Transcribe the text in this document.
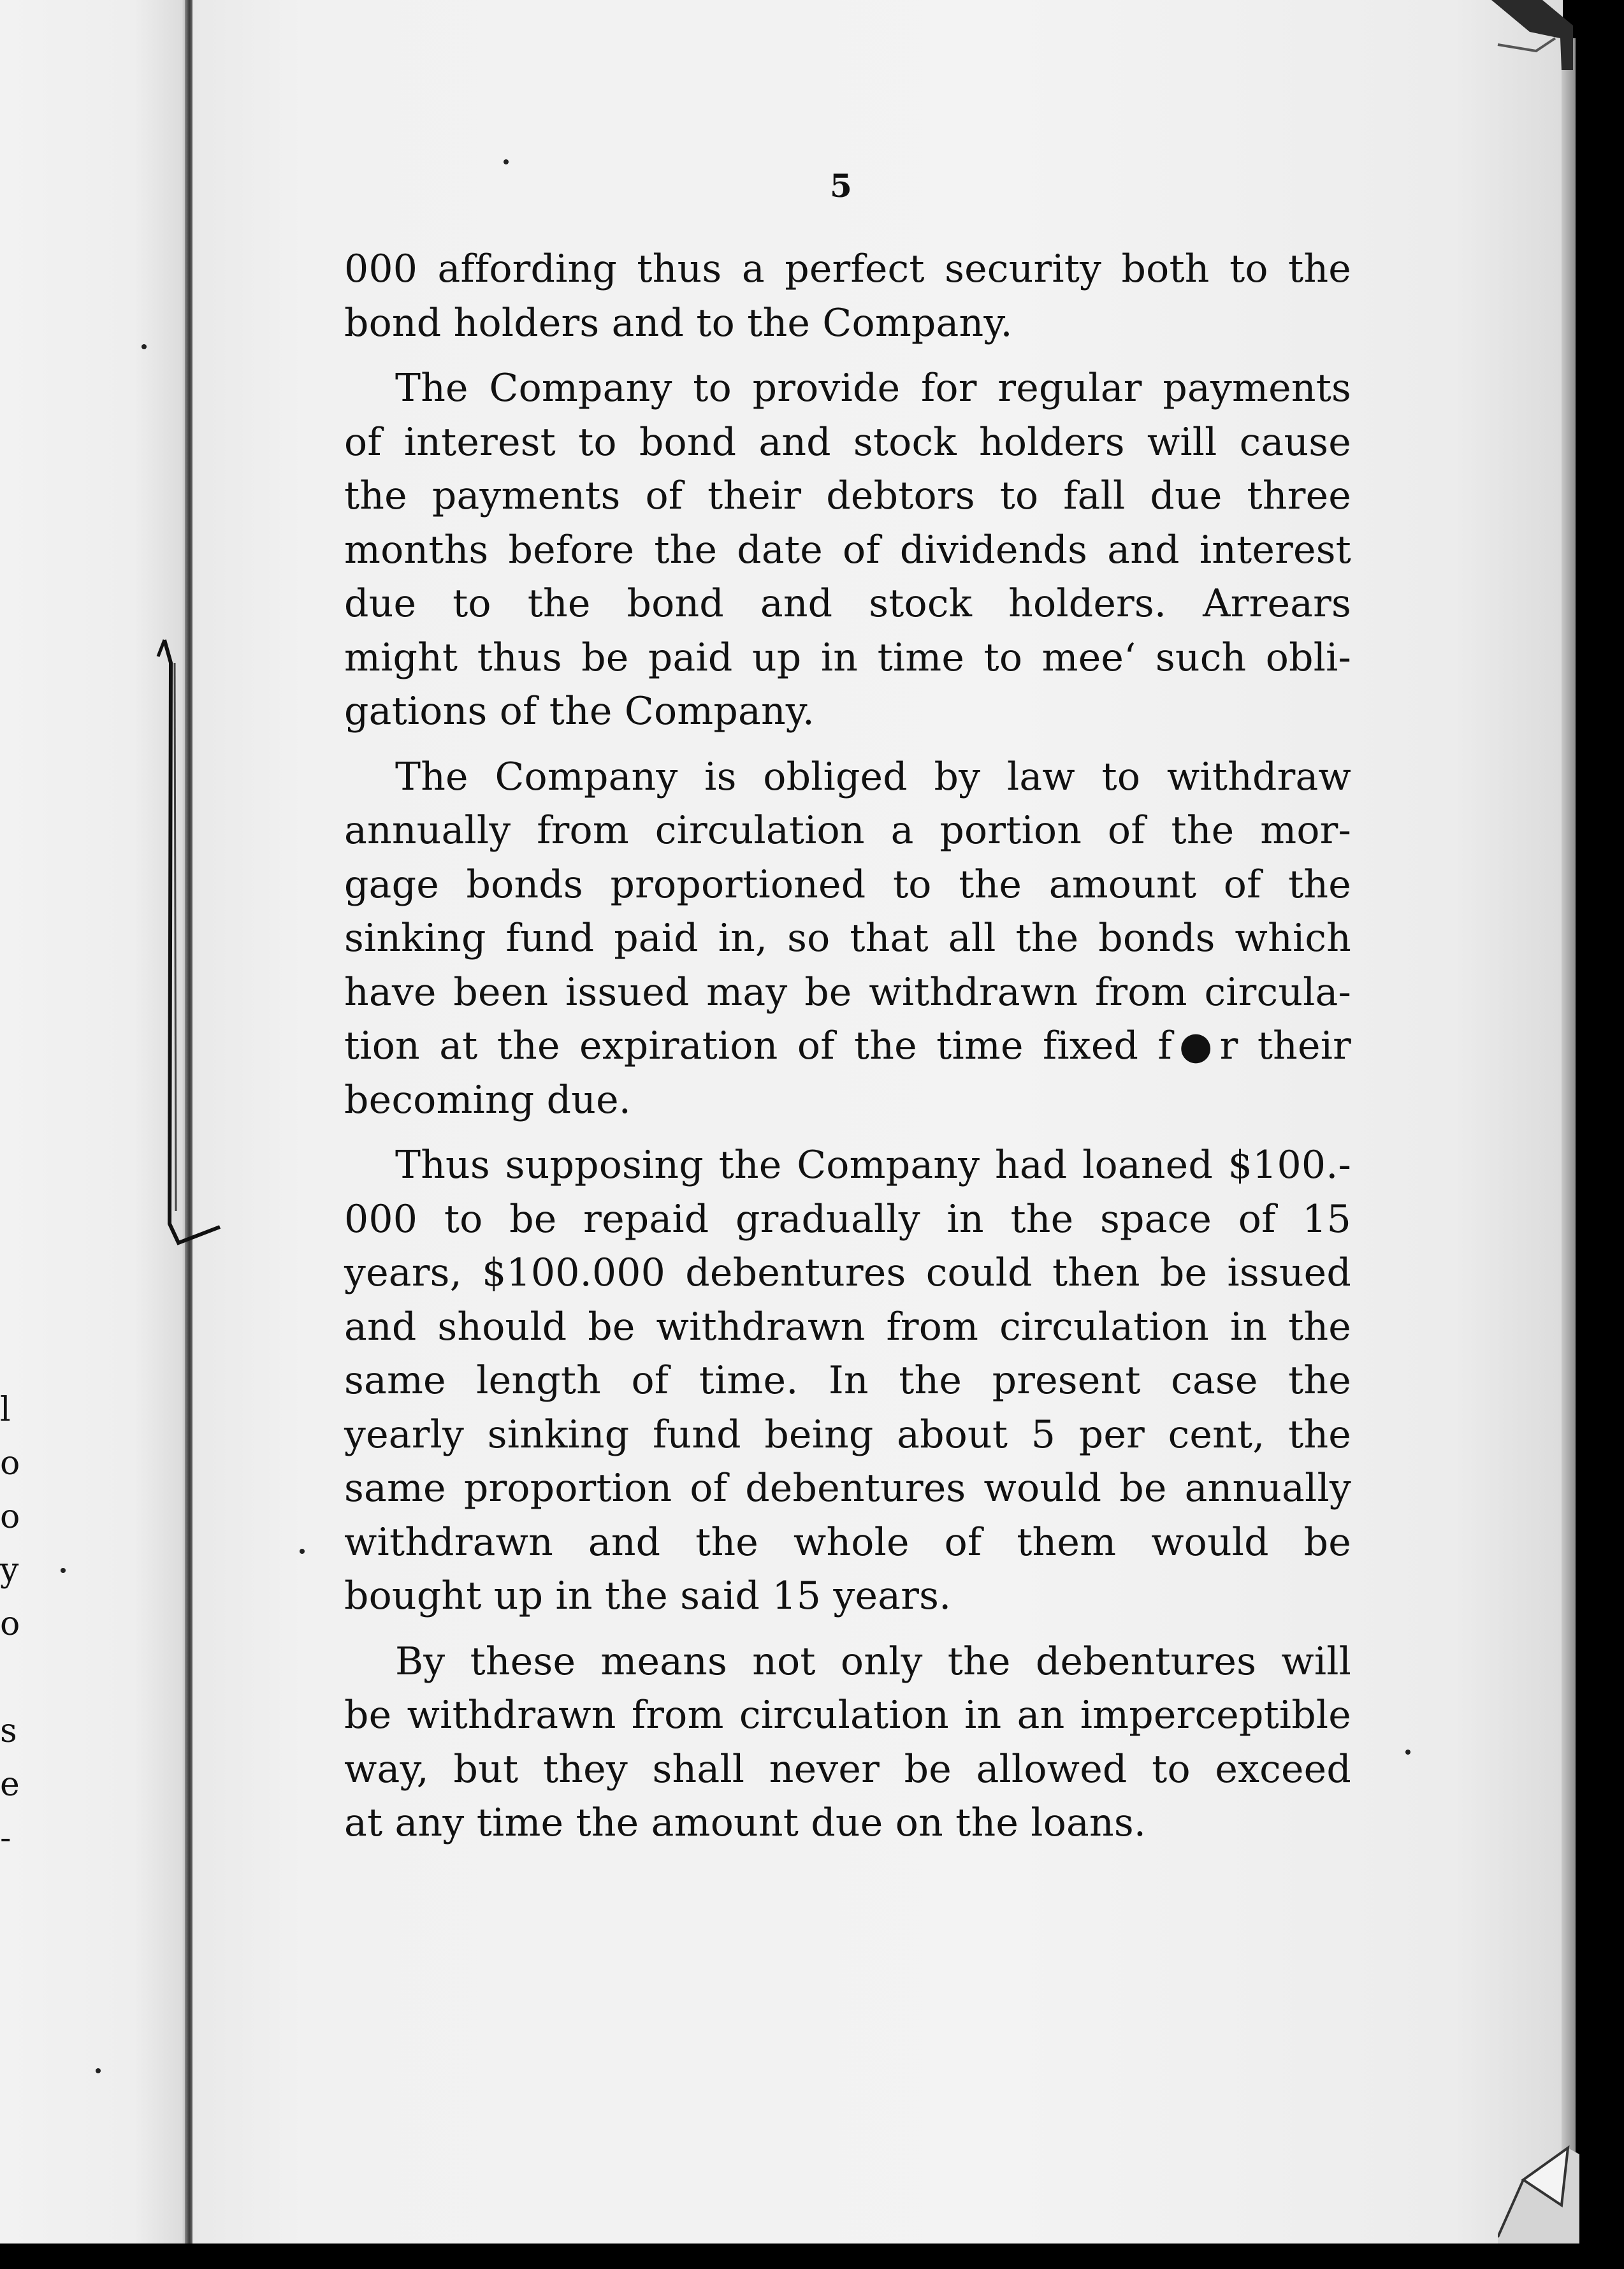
l
o
o
y
o
s
e
-
5
000 affording thus a perfect security both to the
bond holders and to the Company.
The Company to provide for regular payments
of interest to bond and stock holders will cause
the payments of their debtors to fall due three
months before the date of dividends and interest
due to the bond and stock holders. Arrears
might thus be paid up in time to mee‘ such obli-
gations of the Company.
The Company is obliged by law to withdraw
annually from circulation a portion of the mor-
gage bonds proportioned to the amount of the
sinking fund paid in, so that all the bonds which
have been issued may be withdrawn from circula-
tion at the expiration of the time fixed f●r their
becoming due.
Thus supposing the Company had loaned $100.-
000 to be repaid gradually in the space of 15
years, $100.000 debentures could then be issued
and should be withdrawn from circulation in the
same length of time. In the present case the
yearly sinking fund being about 5 per cent, the
same proportion of debentures would be annually
withdrawn and the whole of them would be
bought up in the said 15 years.
By these means not only the debentures will
be withdrawn from circulation in an imperceptible
way, but they shall never be allowed to exceed
at any time the amount due on the loans.
